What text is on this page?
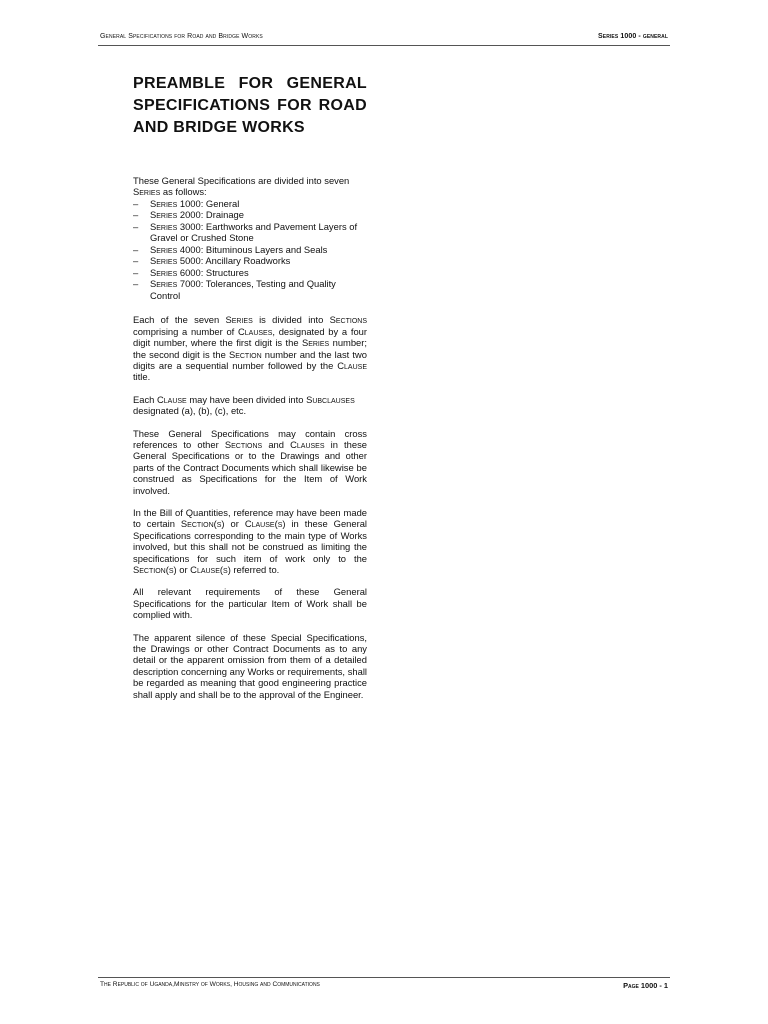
General Specifications for Road and Bridge Works	Series 1000 - general
PREAMBLE FOR GENERAL SPECIFICATIONS FOR ROAD AND BRIDGE WORKS

These General Specifications are divided into seven
Series as follows:

–	Series 1000: General
–	Series 2000: Drainage
–	Series 3000: Earthworks and Pavement Layers of Gravel or Crushed Stone
–	Series 4000: Bituminous Layers and Seals
–	Series 5000: Ancillary Roadworks
–	Series 6000: Structures
–	Series 7000: Tolerances, Testing and Quality Control

Each of the seven Series is divided into Sections comprising a number of Clauses, designated by a four digit number, where the first digit is the Series number; the second digit is the Section number and the last two digits are a sequential number followed by the Clause title.

Each Clause may have been divided into Subclauses designated (a), (b), (c), etc.

These General Specifications may contain cross references to other Sections and Clauses in these General Specifications or to the Drawings and other parts of the Contract Documents which shall likewise be construed as Specifications for the Item of Work involved.

In the Bill of Quantities, reference may have been made to certain Section(s) or Clause(s) in these General Specifications corresponding to the main type of Works involved, but this shall not be construed as limiting the specifications for such item of work only to the Section(s) or Clause(s) referred to.

All relevant requirements of these General Specifications for the particular Item of Work shall be complied with.

The apparent silence of these Special Specifications, the Drawings or other Contract Documents as to any detail or the apparent omission from them of a detailed description concerning any Works or requirements, shall be regarded as meaning that good engineering practice shall apply and shall be to the approval of the Engineer.

The Republic of Uganda,Ministry of Works, Housing and Communications	Page 1000 - 1
